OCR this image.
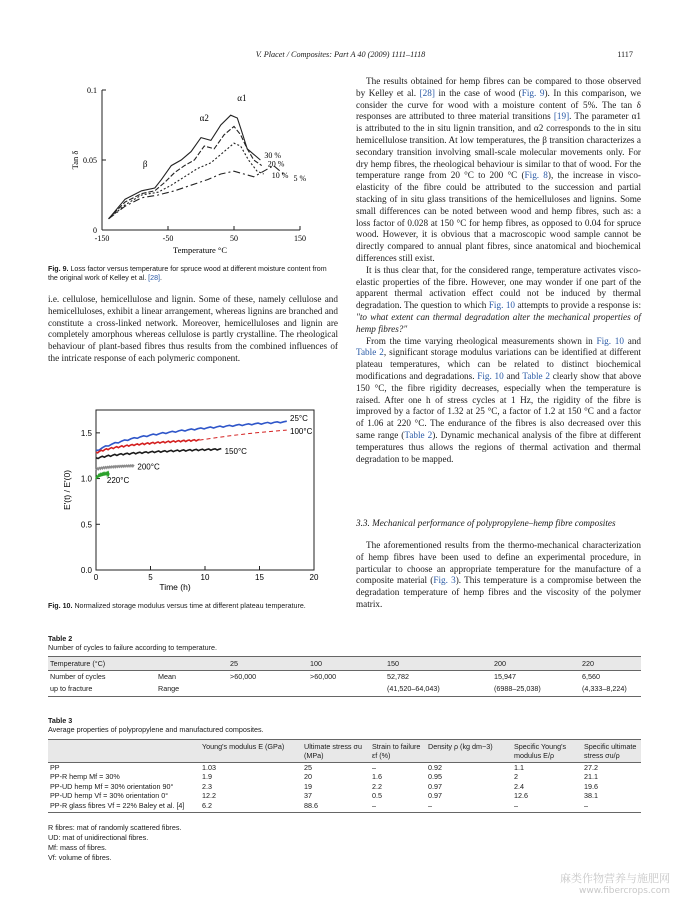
V. Placet / Composites: Part A 40 (2009) 1111–1118	1117
0.1
0.05
0
-150	-50	50	150
Temperature °C
Tan δ	30 %
20 %
10 % 5 %
α1
α2
β
Fig. 9. Loss factor versus temperature for spruce wood at different moisture content from the original work of Kelley et al. [28].

i.e. cellulose, hemicellulose and lignin. Some of these, namely cellulose and hemicelluloses, exhibit a linear arrangement, whereas lignins are branched and constitute a cross-linked network. Moreover, hemicelluloses and lignin are completely amorphous whereas cellulose is partly crystalline. The rheological behaviour of plant-based fibres thus results from the combined influences of the intricate response of each polymeric component.

1.5
1.0
0.5
0.0
0	5	10	15	20
Time (h)
E'(t) / E'(0)
25°C
100°C
150°C
200°C
220°C
Fig. 10. Normalized storage modulus versus time at different plateau temperature.

The results obtained for hemp fibres can be compared to those observed by Kelley et al. [28] in the case of wood (Fig. 9). In this comparison, we consider the curve for wood with a moisture content of 5%. The tan δ responses are attributed to three material transitions [19]. The parameter α1 is attributed to the in situ lignin transition, and α2 corresponds to the in situ hemicellulose transition. At low temperatures, the β transition characterizes a secondary transition involving small-scale molecular movements only. For dry hemp fibres, the rheological behaviour is similar to that of wood. For the temperature range from 20 °C to 200 °C (Fig. 8), the increase in visco-elasticity of the fibre could be attributed to the succession and partial stacking of in situ glass transitions of the hemicelluloses and lignins. Some small differences can be noted between wood and hemp fibres, such as: a loss factor of 0.028 at 150 °C for hemp fibres, as opposed to 0.04 for spruce wood. However, it is obvious that a macroscopic wood sample cannot be directly compared to annual plant fibres, since anatomical and biochemical differences still exist.

It is thus clear that, for the considered range, temperature activates visco-elastic properties of the fibre. However, one may wonder if one part of the apparent thermal activation effect could not be induced by thermal degradation. The question to which Fig. 10 attempts to provide a response is: "to what extent can thermal degradation alter the mechanical properties of hemp fibres?"

From the time varying rheological measurements shown in Fig. 10 and Table 2, significant storage modulus variations can be identified at different plateau temperatures, which can be related to distinct biochemical modifications and degradations. Fig. 10 and Table 2 clearly show that above 150 °C, the fibre rigidity decreases, especially when the temperature is raised. After one h of stress cycles at 1 Hz, the rigidity of the fibre is improved by a factor of 1.32 at 25 °C, a factor of 1.2 at 150 °C and a factor of 1.06 at 220 °C. The endurance of the fibres is also decreased over this same range (Table 2). Dynamic mechanical analysis of the fibre at different temperatures thus allows the regions of thermal activation and thermal degradation to be mapped.

3.3. Mechanical performance of polypropylene–hemp fibre composites

The aforementioned results from the thermo-mechanical characterization of hemp fibres have been used to define an experimental procedure, in particular to choose an appropriate temperature for the manufacture of a composite material (Fig. 3). This temperature is a compromise between the degradation temperature of hemp fibres and the viscosity of the polymer matrix.

Table 2
Number of cycles to failure according to temperature.
Temperature (°C)		25	100	150	200	220
Number of cycles	Mean	>60,000	>60,000	52,782	15,947	6,560
up to fracture	Range			(41,520–64,043)	(6988–25,038)	(4,333–8,224)
Table 3
Average properties of polypropylene and manufactured composites.
	Young's modulus E (GPa)	Ultimate stress σu (MPa)	Strain to failure εf (%)	Density ρ (kg dm−3)	Specific Young's modulus E/ρ	Specific ultimate stress σu/ρ
PP	1.03	25	–	0.92	1.1	27.2
PP-R hemp Mf = 30%	1.9	20	1.6	0.95	2	21.1
PP-UD hemp Mf = 30% orientation 90°	2.3	19	2.2	0.97	2.4	19.6
PP-UD hemp Vf = 30% orientation 0°	12.2	37	0.5	0.97	12.6	38.1
PP-R glass fibres Vf = 22% Baley et al. [4]	6.2	88.6	–	–	–	–
R fibres: mat of randomly scattered fibres.
UD: mat of unidirectional fibres.
Mf: mass of fibres.
Vf: volume of fibres.
麻类作物营养与施肥网
www.fibercrops.com
